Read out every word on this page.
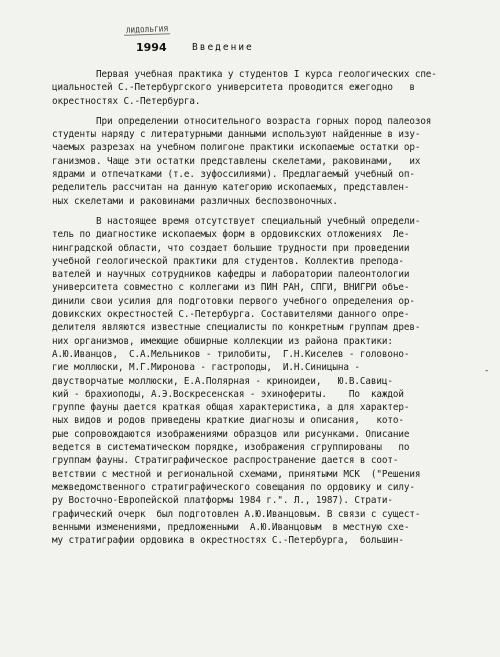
ЛИДОЛЬГИЯ
1994	Введение
Первая учебная практика у студентов I курса геологических спе-
циальностей С.-Петербургского университета проводится ежегодно   в
окрестностях С.-Петербурга.
При определении относительного возраста горных пород палеозоя
студенты наряду с литературными данными используют найденные в изу-
чаемых разрезах на учебном полигоне практики ископаемые остатки ор-
ганизмов. Чаще эти остатки представлены скелетами, раковинами,   их
ядрами и отпечатками (т.е. зуфоссилиями). Предлагаемый учебный оп-
ределитель рассчитан на данную категорию ископаемых, представлен-
ных скелетами и раковинами различных беспозвоночных.
В настоящее время отсутствует специальный учебный определи-
тель по диагностике ископаемых форм в ордовикских отложениях  Ле-
нинградской области, что создает большие трудности при проведении
учебной геологической практики для студентов. Коллектив препода-
вателей и научных сотрудников кафедры и лаборатории палеонтологии
университета совместно с коллегами из ПИН РАН, СПГИ, ВНИГРИ объе-
динили свои усилия для подготовки первого учебного определения ор-
довикских окрестностей С.-Петербурга. Составителями данного опре-
делителя являются известные специалисты по конкретным группам древ-
них организмов, имеющие обширные коллекции из района практики:
А.Ю.Иванцов,  С.А.Мельников - трилобиты,  Г.Н.Киселев - головоно-
гие моллюски, М.Г.Миронова - гастроподы,  И.Н.Синицына -
двустворчатые моллюски, Е.А.Полярная - криноидеи,   Ю.В.Савиц-
кий - брахиоподы, А.Э.Воскресенская - эхинофериты.    По  каждой
группе фауны дается краткая общая характеристика, а для характер-
ных видов и родов приведены краткие диагнозы и описания,   кото-
рые сопровождаются изображениями образцов или рисунками. Описание
ведется в систематическом порядке, изображения сгруппированы   по
группам фауны. Стратиграфическое распространение дается в соот-
ветствии с местной и региональной схемами, принятыми МСК  ("Решения
межведомственного стратиграфического совещания по ордовику и силу-
ру Восточно-Европейской платформы 1984 г.". Л., 1987). Страти-
графический очерк  был подготовлен А.Ю.Иванцовым. В связи с сущест-
венными изменениями, предложенными  А.Ю.Иванцовым  в местную схе-
му стратиграфии ордовика в окрестностях С.-Петербурга,  большин-
-
